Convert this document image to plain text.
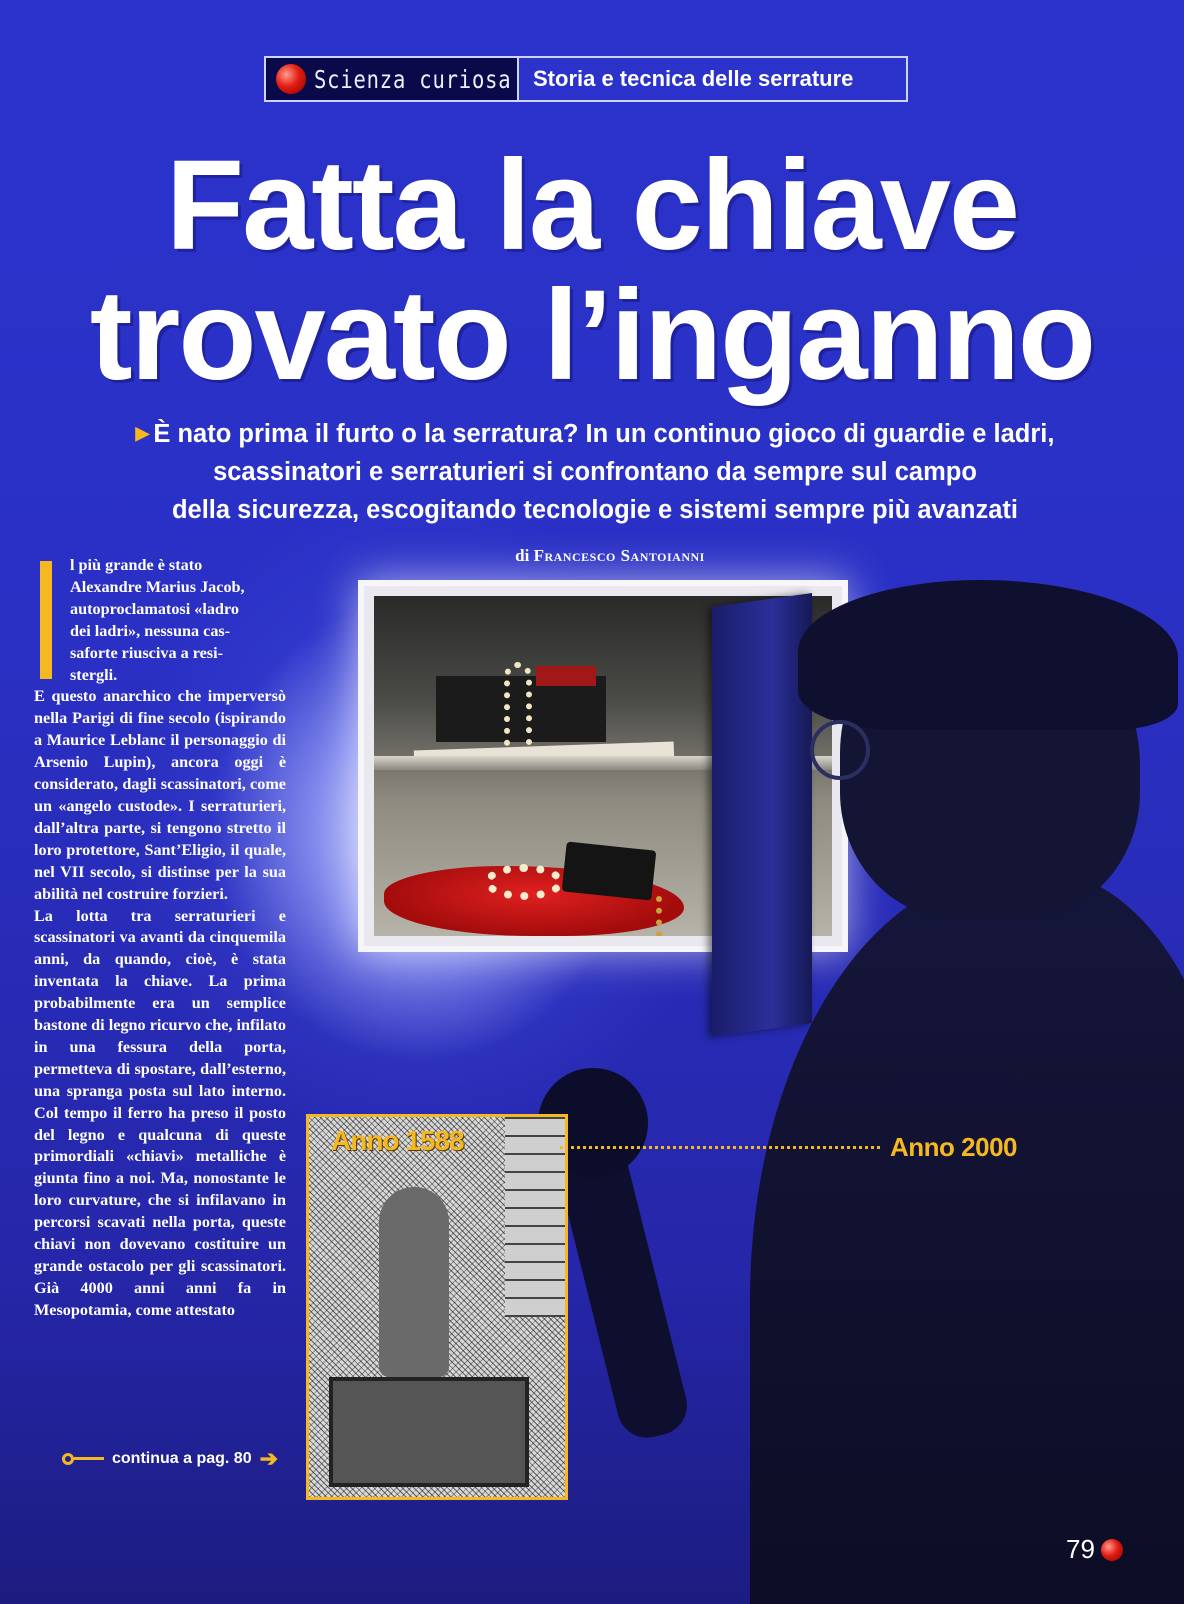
Scienza curiosa Storia e tecnica delle serrature
Fatta la chiave
trovato l’inganno
▶ È nato prima il furto o la serratura? In un continuo gioco di guardie e ladri,
scassinatori e serraturieri si confrontano da sempre sul campo
della sicurezza, escogitando tecnologie e sistemi sempre più avanzati
di Francesco Santoianni
Anno 1588	Anno 2000
l più grande è stato
Alexandre Marius Jacob,
autoproclamatosi «ladro
dei ladri», nessuna cas-
saforte riusciva a resi-
stergli.

E questo anarchico che imperversò nella Parigi di fine secolo (ispirando a Maurice Leblanc il personaggio di Arsenio Lupin), ancora oggi è considerato, dagli scassinatori, come un «angelo custode». I serraturieri, dall’altra parte, si tengono stretto il loro protettore, Sant’Eligio, il quale, nel VII secolo, si distinse per la sua abilità nel costruire forzieri.

La lotta tra serraturieri e scassinatori va avanti da cinquemila anni, da quando, cioè, è stata inventata la chiave. La prima probabilmente era un semplice bastone di legno ricurvo che, infilato in una fessura della porta, permetteva di spostare, dall’esterno, una spranga posta sul lato interno. Col tempo il ferro ha preso il posto del legno e qualcuna di queste primordiali «chiavi» metalliche è giunta fino a noi. Ma, nonostante le loro curvature, che si infilavano in percorsi scavati nella porta, queste chiavi non dovevano costituire un grande ostacolo per gli scassinatori. Già 4000 anni anni fa in Mesopotamia, come attestato

continua a pag. 80 ➔
79
